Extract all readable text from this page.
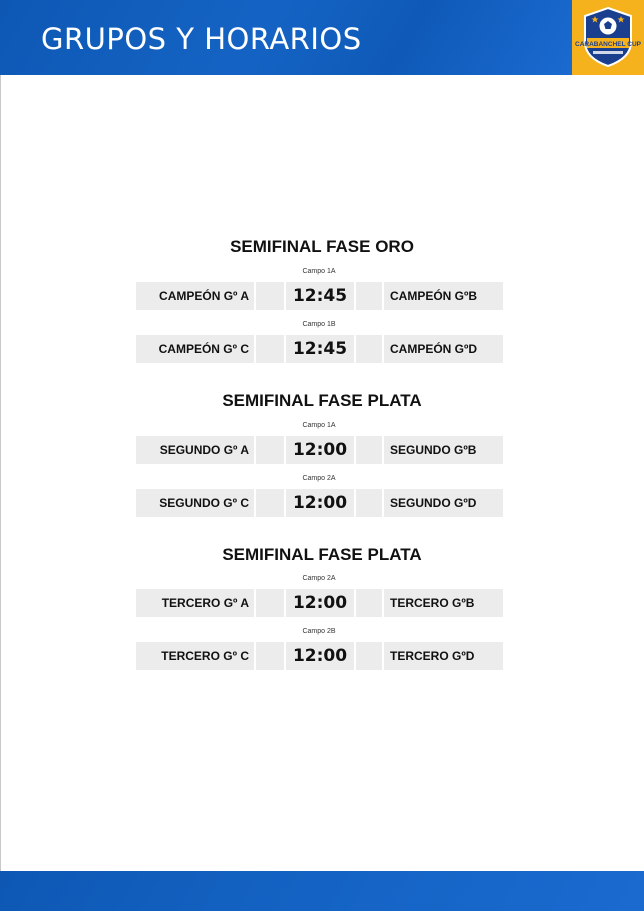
GRUPOS Y HORARIOS	CARABANCHEL CUP
SEMIFINAL FASE ORO
Campo 1A
CAMPEÓN Gº A	12:45	CAMPEÓN GºB
Campo 1B
CAMPEÓN Gº C	12:45	CAMPEÓN GºD
SEMIFINAL FASE PLATA
Campo 1A
SEGUNDO Gº A	12:00	SEGUNDO GºB
Campo 2A
SEGUNDO Gº C	12:00	SEGUNDO GºD
SEMIFINAL FASE PLATA
Campo 2A
TERCERO Gº A	12:00	TERCERO GºB
Campo 2B
TERCERO Gº C	12:00	TERCERO GºD
